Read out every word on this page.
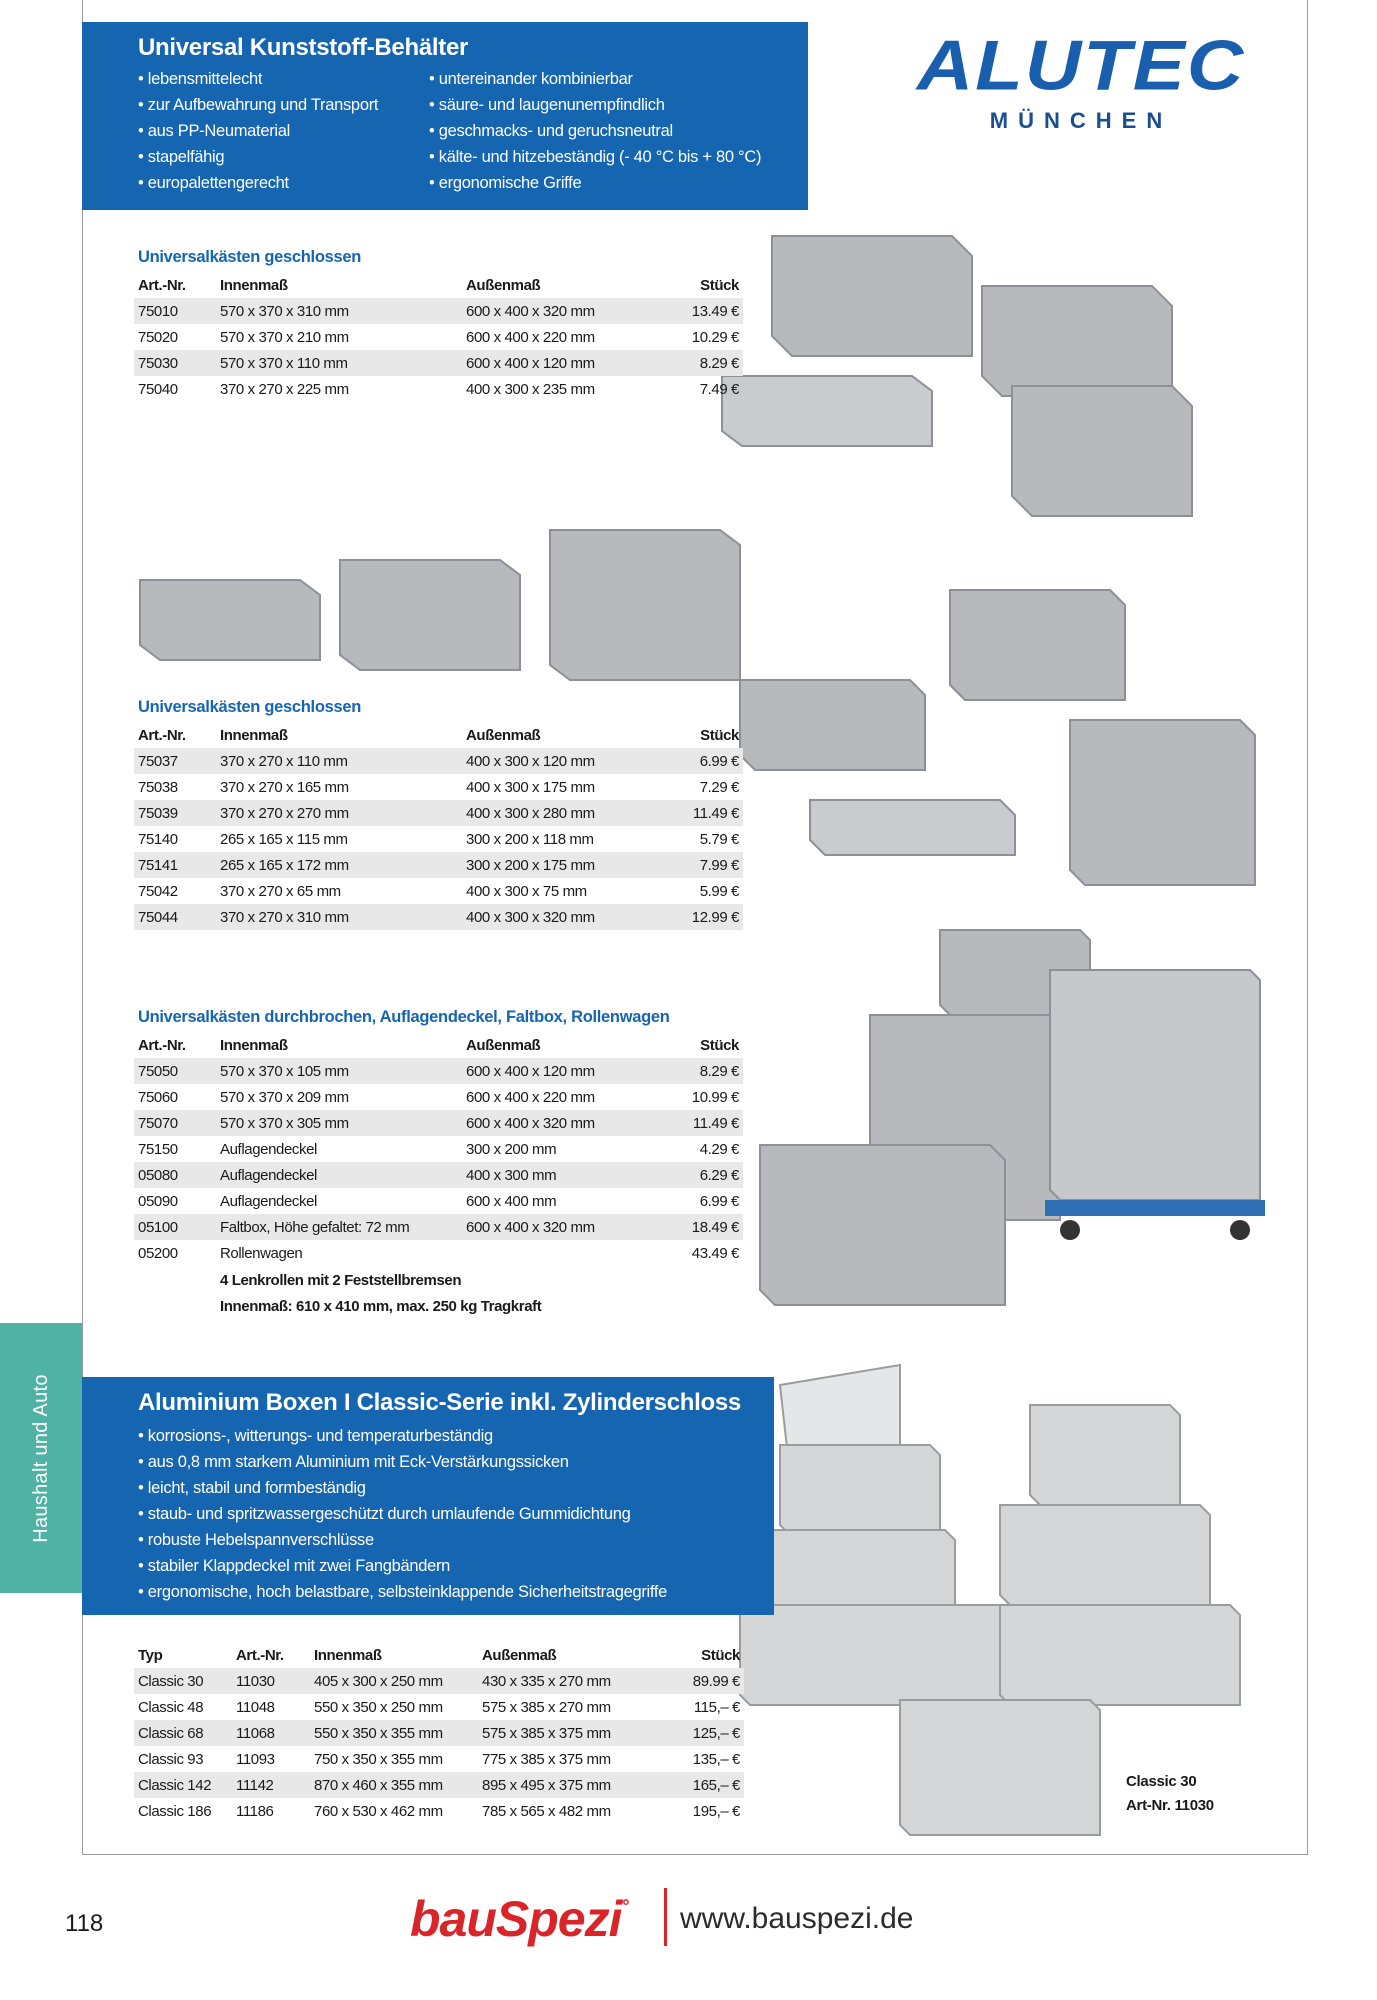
Universal Kunststoff-Behälter
• lebensmittelecht
• zur Aufbewahrung und Transport
• aus PP-Neumaterial
• stapelfähig
• europalettengerecht
• untereinander kombinierbar
• säure- und laugenunempfindlich
• geschmacks- und geruchsneutral
• kälte- und hitzebeständig (- 40 °C bis + 80 °C)
• ergonomische Griffe
ALUTEC
MÜNCHEN
Universalkästen geschlossen
Art.-Nr.	Innenmaß	Außenmaß	Stück
75010	570 x 370 x 310 mm	600 x 400 x 320 mm	13.49 €
75020	570 x 370 x 210 mm	600 x 400 x 220 mm	10.29 €
75030	570 x 370 x 110 mm	600 x 400 x 120 mm	8.29 €
75040	370 x 270 x 225 mm	400 x 300 x 235 mm	7.49 €
Universalkästen geschlossen
Art.-Nr.	Innenmaß	Außenmaß	Stück
75037	370 x 270 x 110 mm	400 x 300 x 120 mm	6.99 €
75038	370 x 270 x 165 mm	400 x 300 x 175 mm	7.29 €
75039	370 x 270 x 270 mm	400 x 300 x 280 mm	11.49 €
75140	265 x 165 x 115 mm	300 x 200 x 118 mm	5.79 €
75141	265 x 165 x 172 mm	300 x 200 x 175 mm	7.99 €
75042	370 x 270 x 65 mm	400 x 300 x 75 mm	5.99 €
75044	370 x 270 x 310 mm	400 x 300 x 320 mm	12.99 €
Universalkästen durchbrochen, Auflagendeckel, Faltbox, Rollenwagen
Art.-Nr.	Innenmaß	Außenmaß	Stück
75050	570 x 370 x 105 mm	600 x 400 x 120 mm	8.29 €
75060	570 x 370 x 209 mm	600 x 400 x 220 mm	10.99 €
75070	570 x 370 x 305 mm	600 x 400 x 320 mm	11.49 €
75150	Auflagendeckel	300 x 200 mm	4.29 €
05080	Auflagendeckel	400 x 300 mm	6.29 €
05090	Auflagendeckel	600 x 400 mm	6.99 €
05100	Faltbox, Höhe gefaltet: 72 mm	600 x 400 x 320 mm	18.49 €
05200	Rollenwagen		43.49 €
4 Lenkrollen mit 2 Feststellbremsen
Innenmaß: 610 x 410 mm, max. 250 kg Tragkraft
Haushalt und Auto	Aluminium Boxen I Classic-Serie inkl. Zylinderschloss
• korrosions-, witterungs- und temperaturbeständig
• aus 0,8 mm starkem Aluminium mit Eck-Verstärkungssicken
• leicht, stabil und formbeständig
• staub- und spritzwassergeschützt durch umlaufende Gummidichtung
• robuste Hebelspannverschlüsse
• stabiler Klappdeckel mit zwei Fangbändern
• ergonomische, hoch belastbare, selbsteinklappende Sicherheitstragegriffe
Typ	Art.-Nr.	Innenmaß	Außenmaß	Stück
Classic 30	11030	405 x 300 x 250 mm	430 x 335 x 270 mm	89.99 €
Classic 48	11048	550 x 350 x 250 mm	575 x 385 x 270 mm	115,– €
Classic 68	11068	550 x 350 x 355 mm	575 x 385 x 375 mm	125,– €
Classic 93	11093	750 x 350 x 355 mm	775 x 385 x 375 mm	135,– €
Classic 142	11142	870 x 460 x 355 mm	895 x 495 x 375 mm	165,– €
Classic 186	11186	760 x 530 x 462 mm	785 x 565 x 482 mm	195,– €
Classic 30
Art-Nr. 11030
118	bauSpezi° www.bauspezi.de
